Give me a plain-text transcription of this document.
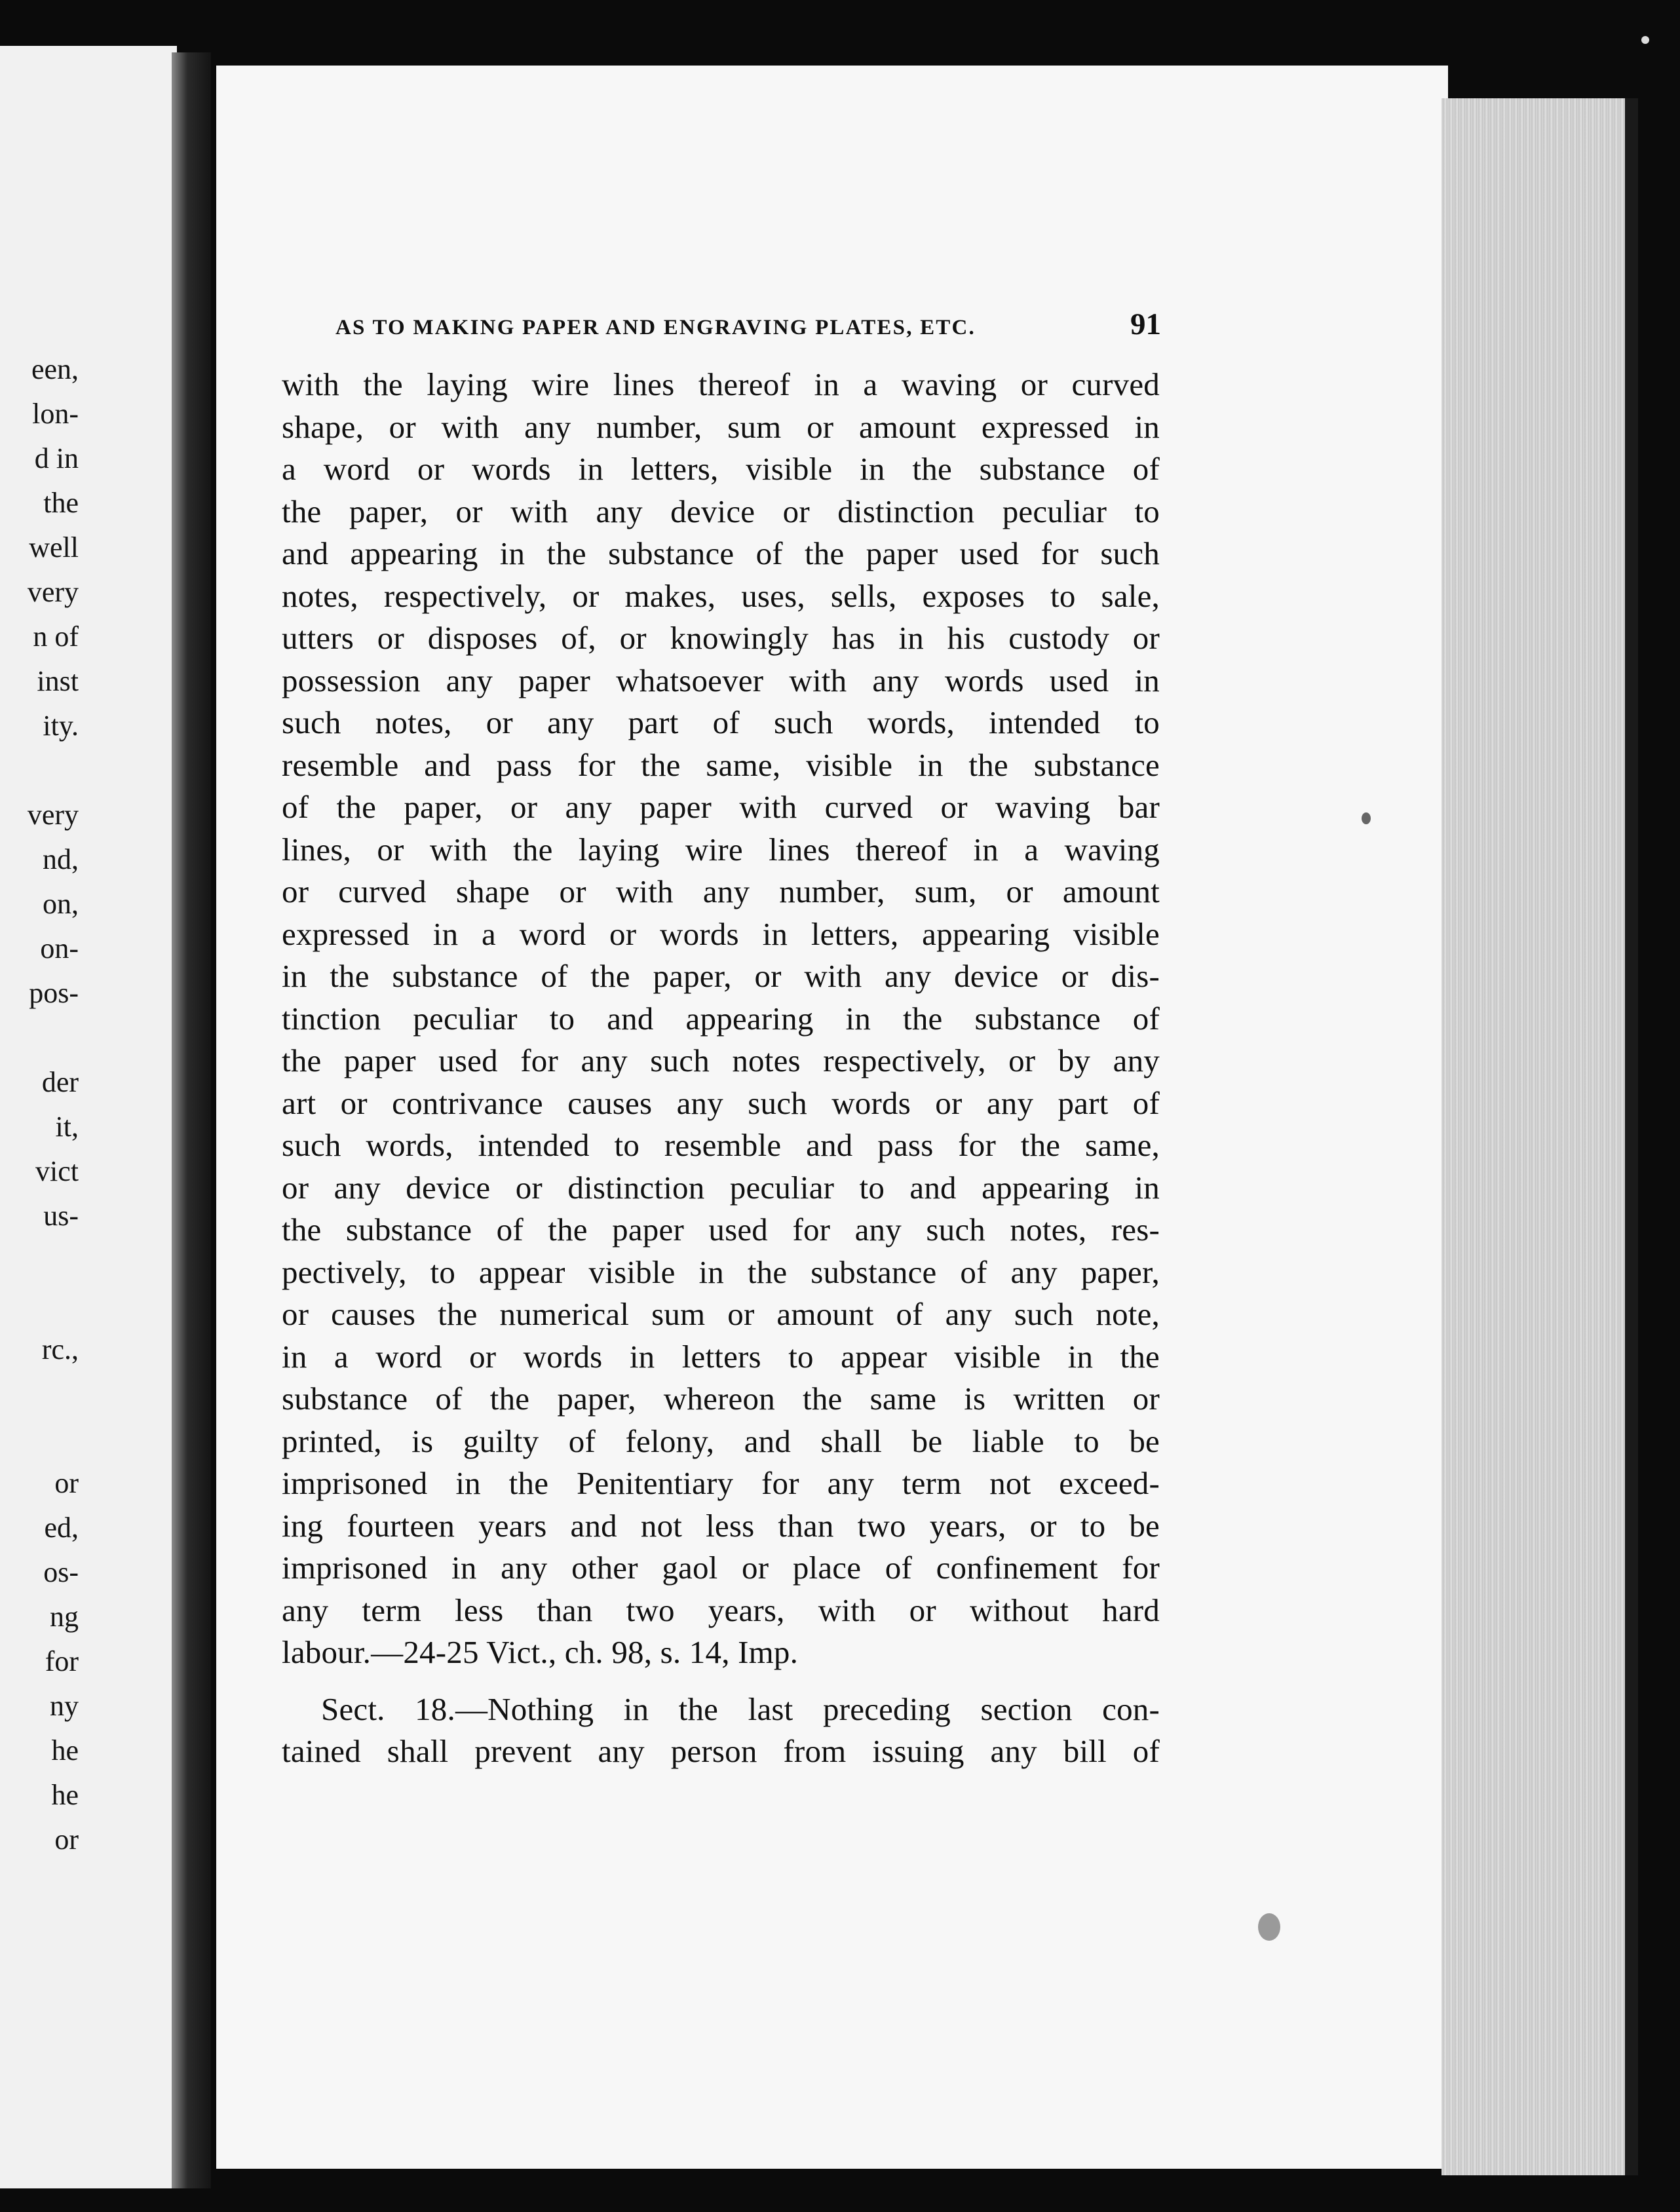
een,
lon-
d in
the
well
very
n of
inst
ity.

very
nd,
on,
on-
pos-

der
it,
vict
us-

rc.,

or
ed,
os-
ng
for
ny
he
he
or
AS TO MAKING PAPER AND ENGRAVING PLATES, ETC.	91
with the laying wire lines thereof in a waving or curved
shape, or with any number, sum or amount expressed in
a word or words in letters, visible in the substance of
the paper, or with any device or distinction peculiar to
and appearing in the substance of the paper used for such
notes, respectively, or makes, uses, sells, exposes to sale,
utters or disposes of, or knowingly has in his custody or
possession any paper whatsoever with any words used in
such notes, or any part of such words, intended to
resemble and pass for the same, visible in the substance
of the paper, or any paper with curved or waving bar
lines, or with the laying wire lines thereof in a waving
or curved shape or with any number, sum, or amount
expressed in a word or words in letters, appearing visible
in the substance of the paper, or with any device or dis-
tinction peculiar to and appearing in the substance of
the paper used for any such notes respectively, or by any
art or contrivance causes any such words or any part of
such words, intended to resemble and pass for the same,
or any device or distinction peculiar to and appearing in
the substance of the paper used for any such notes, res-
pectively, to appear visible in the substance of any paper,
or causes the numerical sum or amount of any such note,
in a word or words in letters to appear visible in the
substance of the paper, whereon the same is written or
printed, is guilty of felony, and shall be liable to be
imprisoned in the Penitentiary for any term not exceed-
ing fourteen years and not less than two years, or to be
imprisoned in any other gaol or place of confinement for
any term less than two years, with or without hard
labour.—24-25 Vict., ch. 98, s. 14, Imp.
Sect. 18.—Nothing in the last preceding section con-
tained shall prevent any person from issuing any bill of
